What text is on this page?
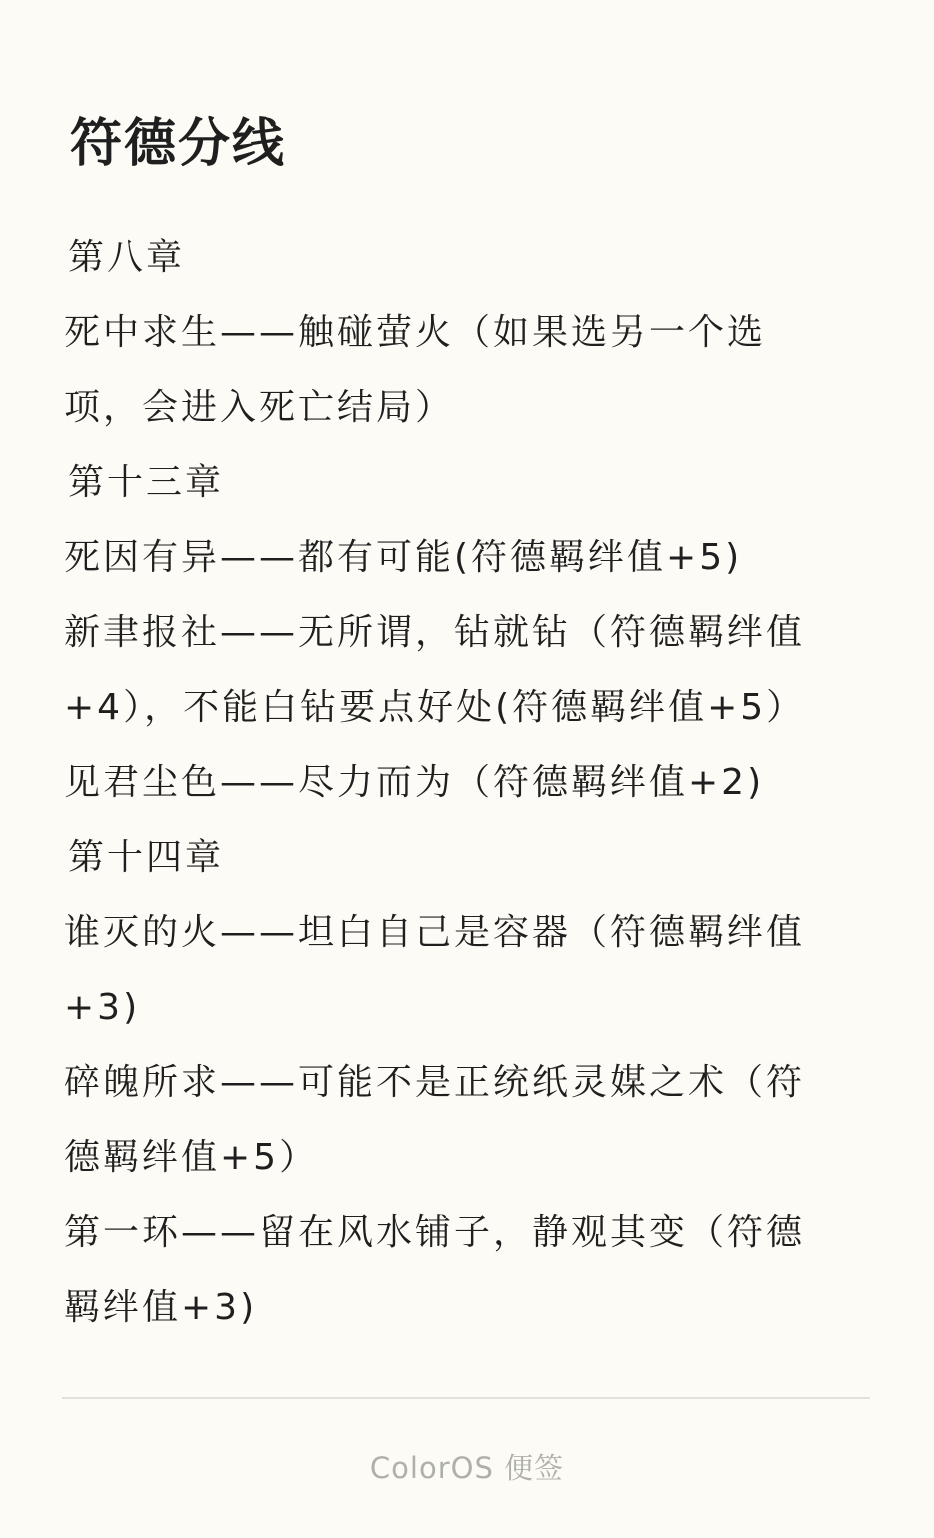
符德分线
第八章
死中求生——触碰萤火（如果选另一个选
项，会进入死亡结局）
第十三章
死因有异——都有可能(符德羁绊值+5)
新聿报社——无所谓，钻就钻（符德羁绊值
+4），不能白钻要点好处(符德羁绊值+5）
见君尘色——尽力而为（符德羁绊值+2)
第十四章
谁灭的火——坦白自己是容器（符德羁绊值
+3)
碎魄所求——可能不是正统纸灵媒之术（符
德羁绊值+5）
第一环——留在风水铺子，静观其变（符德
羁绊值+3)
ColorOS 便签
